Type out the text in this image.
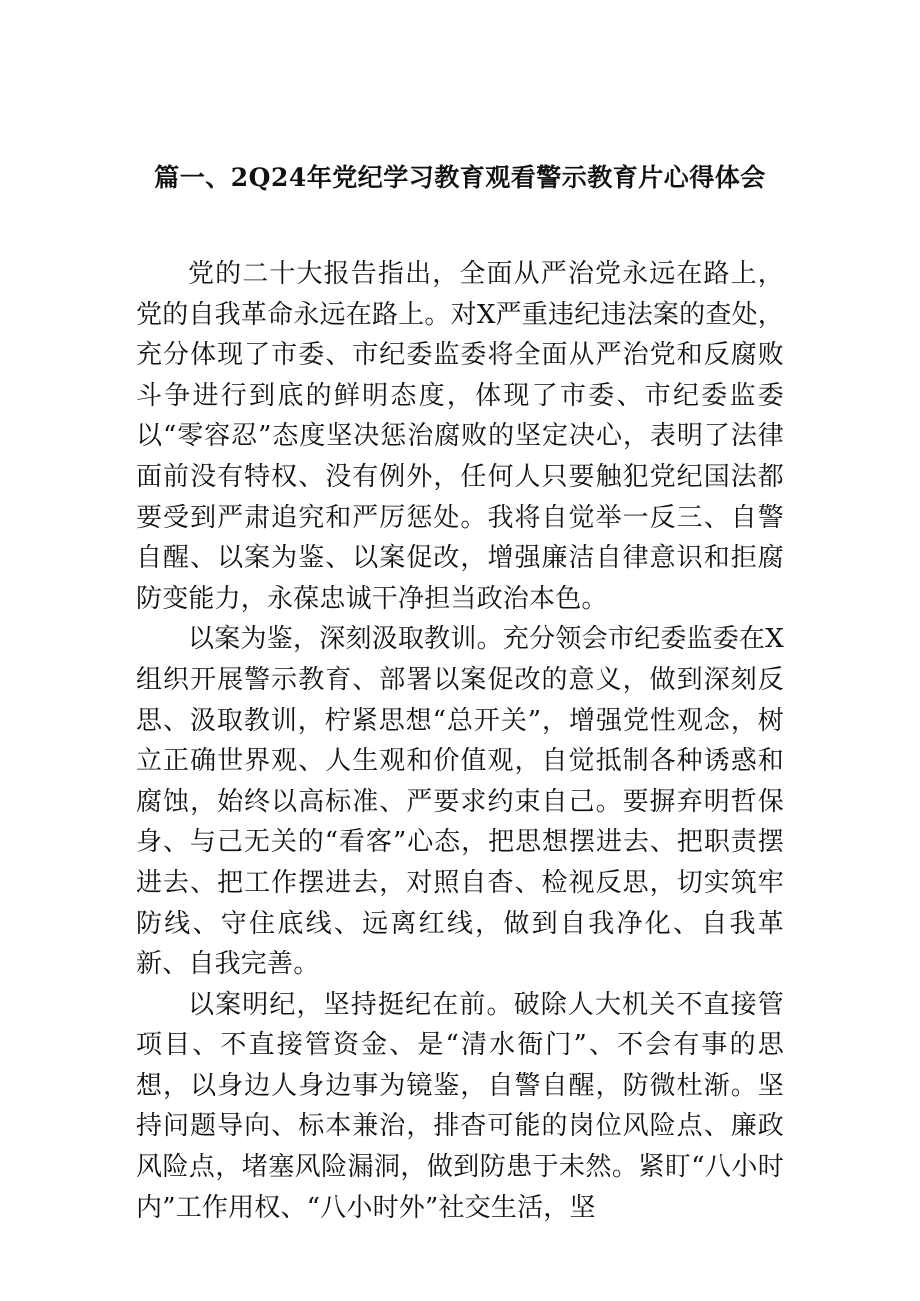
篇一、2Q24年党纪学习教育观看警示教育片心得体会

党的二十大报告指出，全面从严治党永远在路上，党的自我革命永远在路上。对X严重违纪违法案的查处，充分体现了市委、市纪委监委将全面从严治党和反腐败斗争进行到底的鲜明态度，体现了市委、市纪委监委以“零容忍”态度坚决惩治腐败的坚定决心，表明了法律面前没有特权、没有例外，任何人只要触犯党纪国法都要受到严肃追究和严厉惩处。我将自觉举一反三、自警自醒、以案为鉴、以案促改，增强廉洁自律意识和拒腐防变能力，永葆忠诚干净担当政治本色。

以案为鉴，深刻汲取教训。充分领会市纪委监委在X组织开展警示教育、部署以案促改的意义，做到深刻反思、汲取教训，柠紧思想“总开关”，增强党性观念，树立正确世界观、人生观和价值观，自觉抵制各种诱惑和腐蚀，始终以高标准、严要求约束自己。要摒弃明哲保身、与己无关的“看客”心态，把思想摆进去、把职责摆进去、把工作摆进去，对照自杳、检视反思，切实筑牢防线、守住底线、远离红线，做到自我净化、自我革新、自我完善。

以案明纪，坚持挺纪在前。破除人大机关不直接管项目、不直接管资金、是“清水衙门”、不会有事的思想，以身边人身边事为镜鉴，自警自醒，防微杜渐。坚持问题导向、标本兼治，排杳可能的岗位风险点、廉政风险点，堵塞风险漏洞，做到防患于未然。紧盯“八小时内”工作用权、“八小时外”社交生活，坚
